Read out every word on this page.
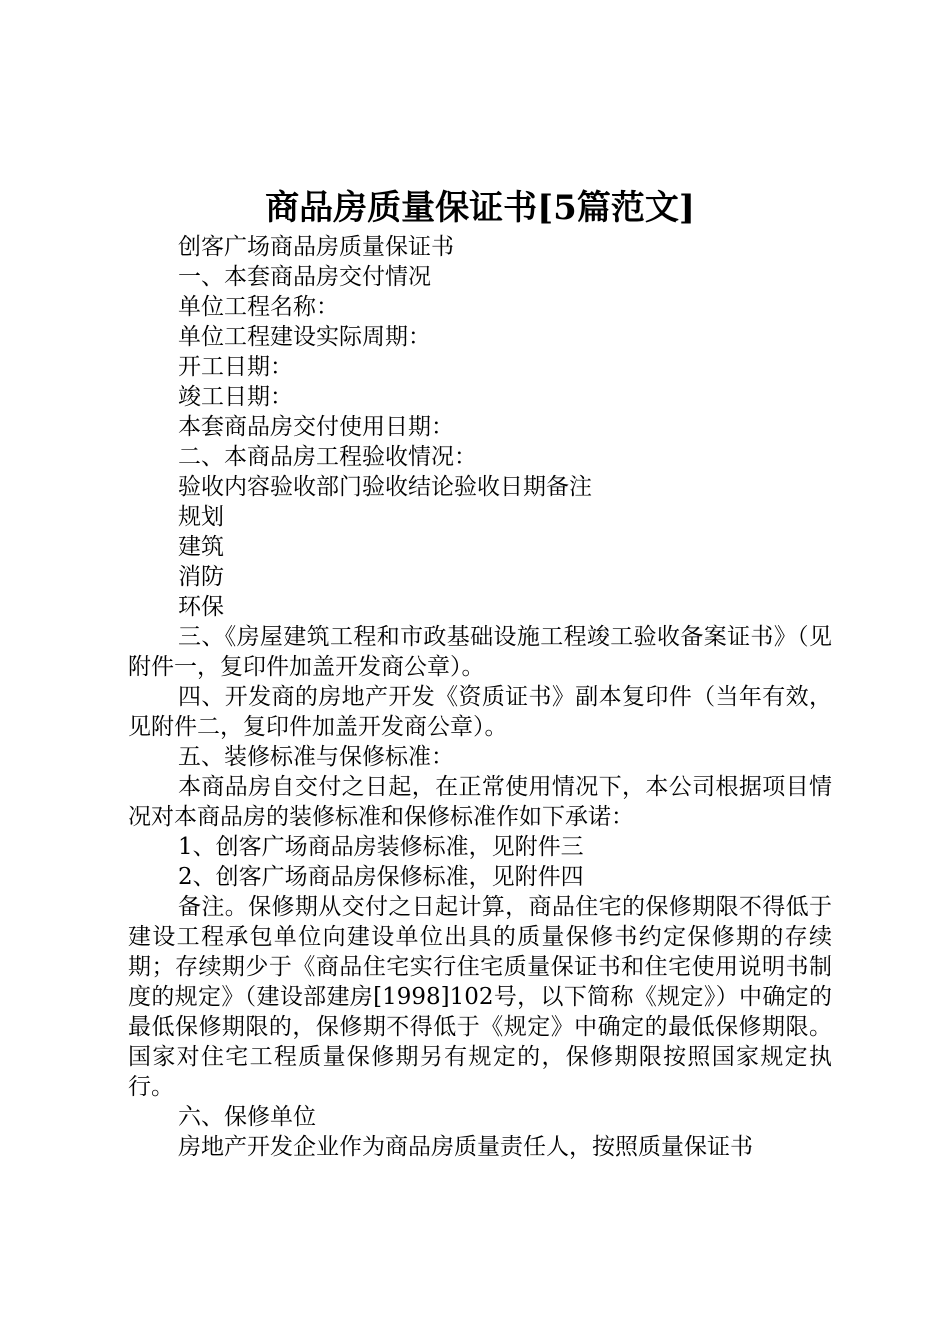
商品房质量保证书[5篇范文]

创客广场商品房质量保证书

一、本套商品房交付情况

单位工程名称：

单位工程建设实际周期：

开工日期：

竣工日期：

本套商品房交付使用日期：

二、本商品房工程验收情况：

验收内容验收部门验收结论验收日期备注

规划

建筑

消防

环保

三、《房屋建筑工程和市政基础设施工程竣工验收备案证书》（见附件一，复印件加盖开发商公章）。

四、开发商的房地产开发《资质证书》副本复印件（当年有效，见附件二，复印件加盖开发商公章）。

五、装修标准与保修标准：

本商品房自交付之日起，在正常使用情况下，本公司根据项目情况对本商品房的装修标准和保修标准作如下承诺：

1、创客广场商品房装修标准，见附件三

2、创客广场商品房保修标准，见附件四

备注。保修期从交付之日起计算，商品住宅的保修期限不得低于建设工程承包单位向建设单位出具的质量保修书约定保修期的存续期；存续期少于《商品住宅实行住宅质量保证书和住宅使用说明书制度的规定》（建设部建房[1998]102号，以下简称《规定》）中确定的最低保修期限的，保修期不得低于《规定》中确定的最低保修期限。国家对住宅工程质量保修期另有规定的，保修期限按照国家规定执行。

六、保修单位

房地产开发企业作为商品房质量责任人，按照质量保证书
